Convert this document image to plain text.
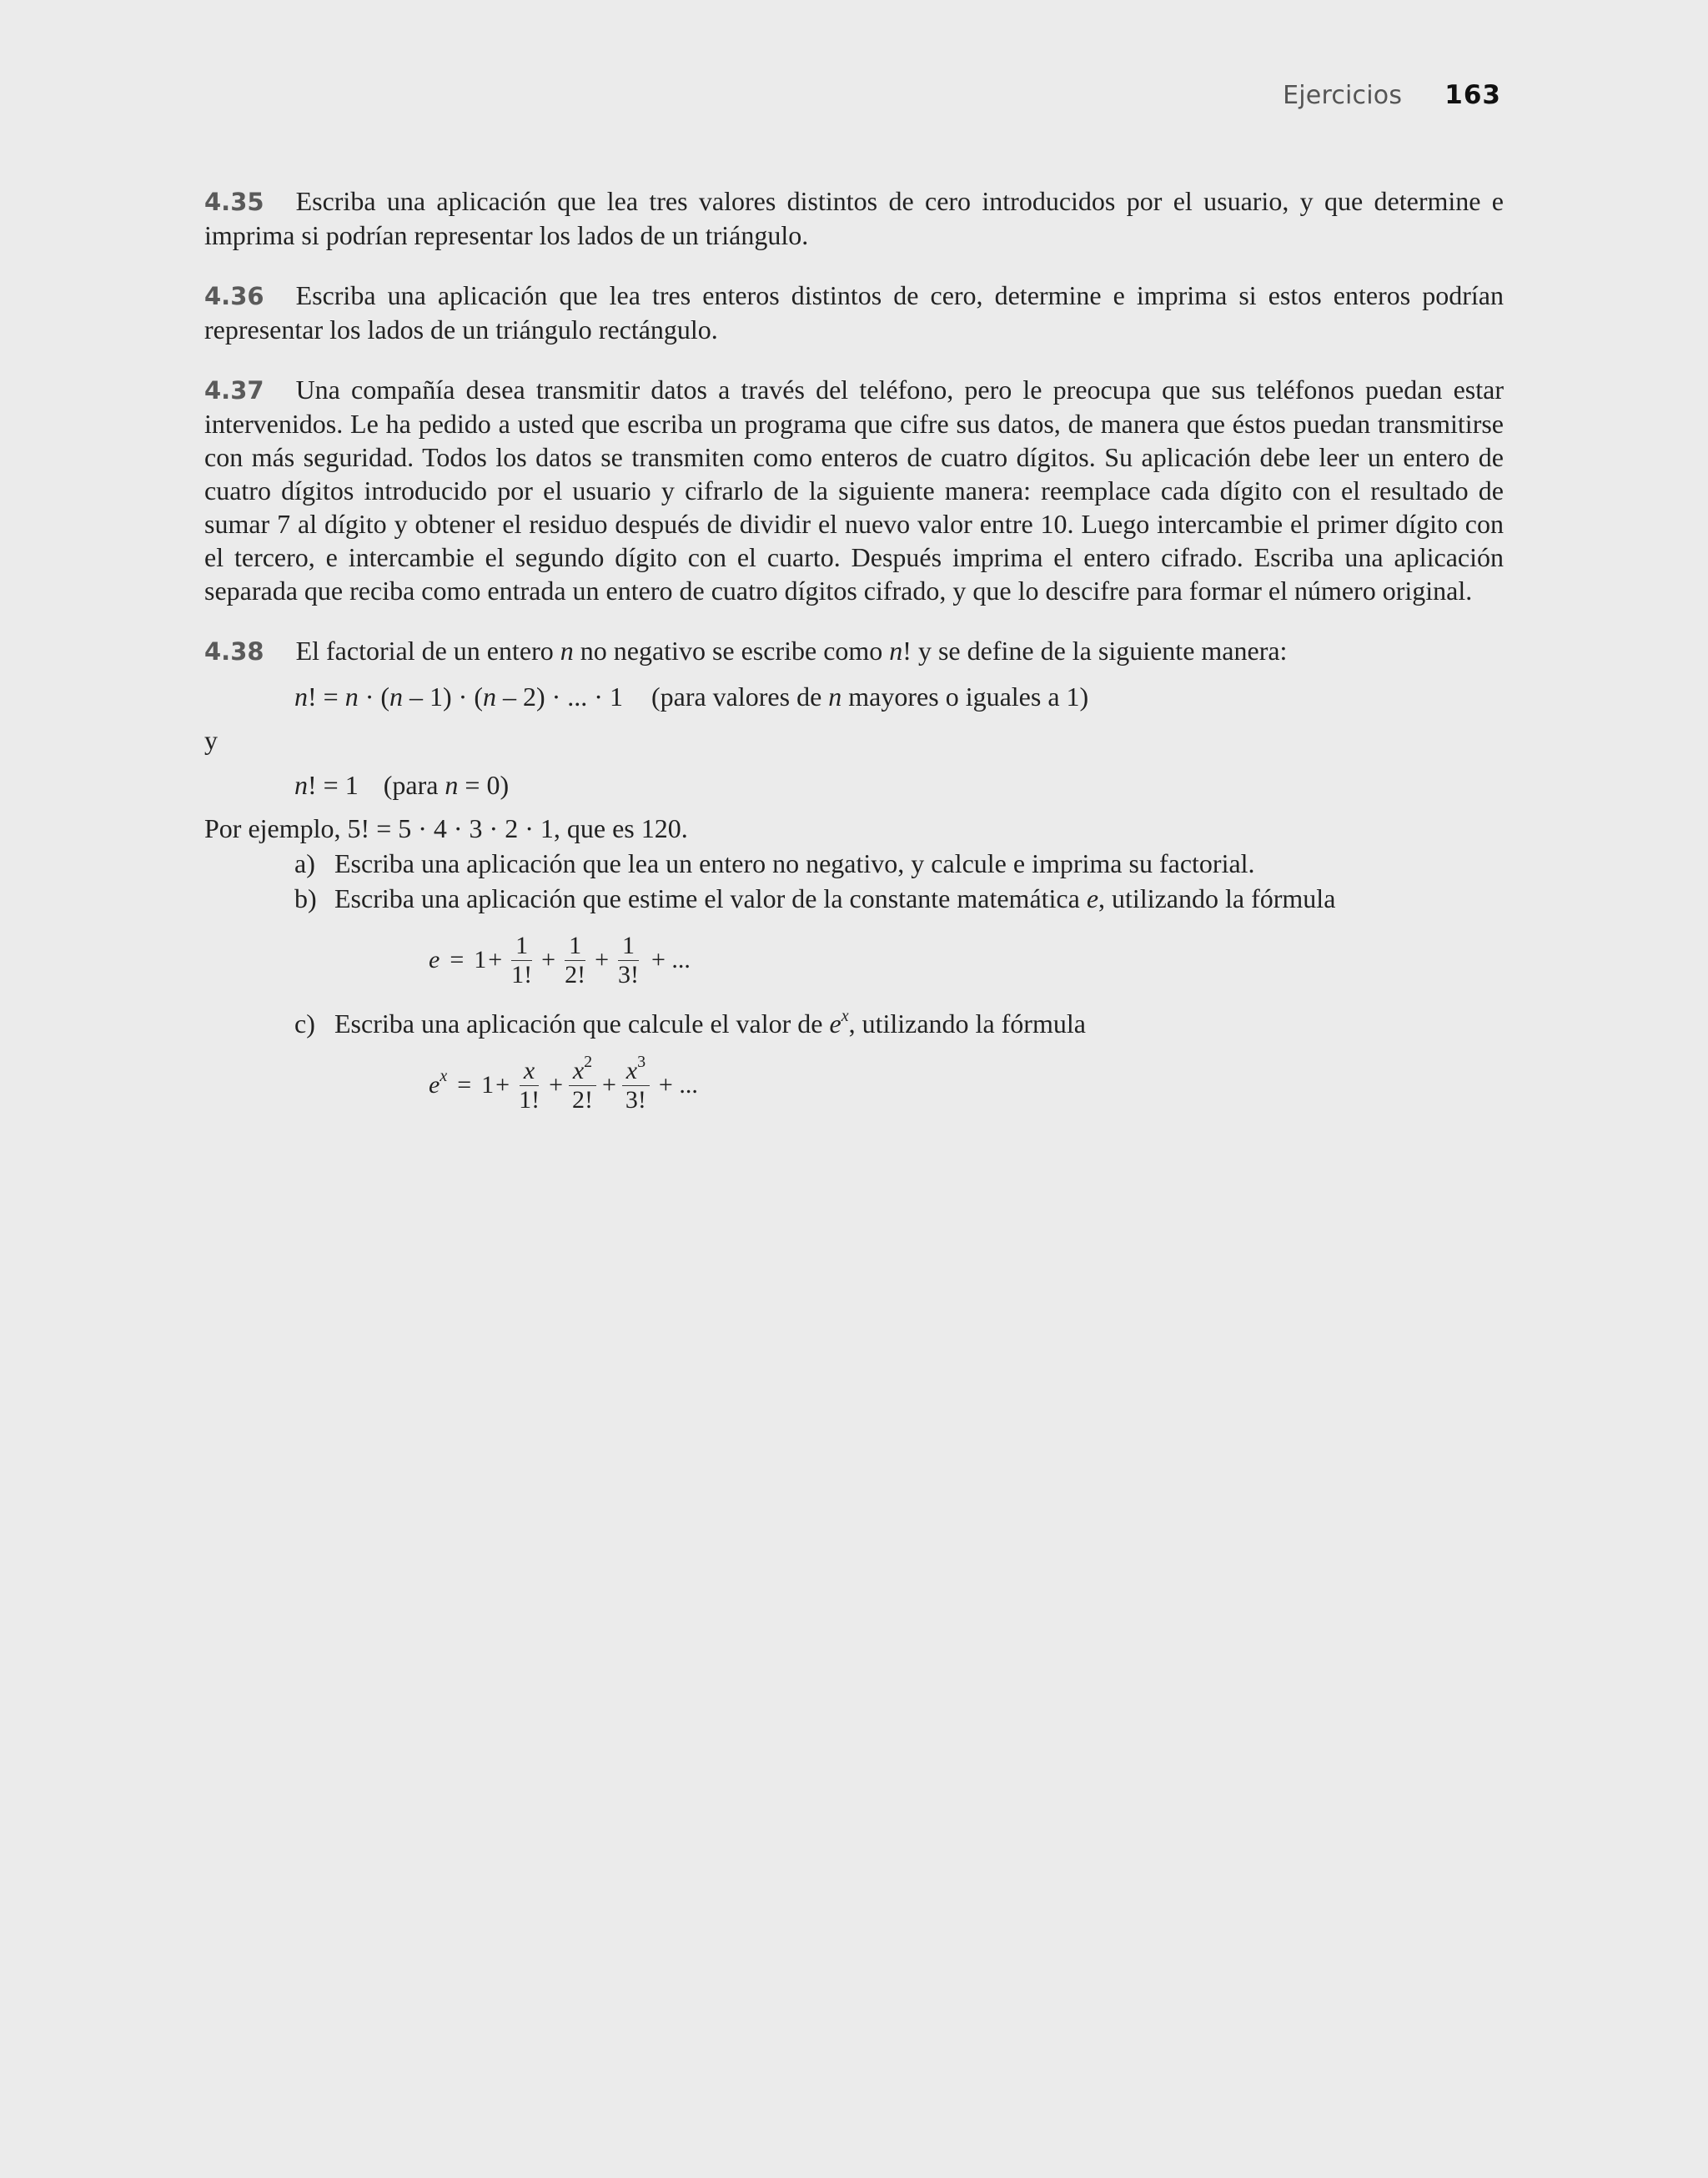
Ejercicios 163

4.35 Escriba una aplicación que lea tres valores distintos de cero introducidos por el usuario, y que determine e imprima si podrían representar los lados de un triángulo.

4.36 Escriba una aplicación que lea tres enteros distintos de cero, determine e imprima si estos enteros podrían representar los lados de un triángulo rectángulo.

4.37 Una compañía desea transmitir datos a través del teléfono, pero le preocupa que sus teléfonos puedan estar intervenidos. Le ha pedido a usted que escriba un programa que cifre sus datos, de manera que éstos puedan transmitirse con más seguridad. Todos los datos se transmiten como enteros de cuatro dígitos. Su aplicación debe leer un entero de cuatro dígitos introducido por el usuario y cifrarlo de la siguiente manera: reemplace cada dígito con el resultado de sumar 7 al dígito y obtener el residuo después de dividir el nuevo valor entre 10. Luego intercambie el primer dígito con el tercero, e intercambie el segundo dígito con el cuarto. Después imprima el entero cifrado. Escriba una aplicación separada que reciba como entrada un entero de cuatro dígitos cifrado, y que lo descifre para formar el número original.

4.38 El factorial de un entero n no negativo se escribe como n! y se define de la siguiente manera:

n! = n · (n – 1) · (n – 2) · ... · 1 (para valores de n mayores o iguales a 1)

y

n! = 1 (para n = 0)

Por ejemplo, 5! = 5 · 4 · 3 · 2 · 1, que es 120.

a) Escriba una aplicación que lea un entero no negativo, y calcule e imprima su factorial.
b) Escriba una aplicación que estime el valor de la constante matemática e, utilizando la fórmula
$e = 1 + \frac{1}{1!} + \frac{1}{2!} + \frac{1}{3!}$ + ...
c) Escriba una aplicación que calcule el valor de $e^x$, utilizando la fórmula
$e^x = 1 + \frac{x}{1!} + \frac{x^2}{2!} + \frac{x^3}{3!}$ + ...
